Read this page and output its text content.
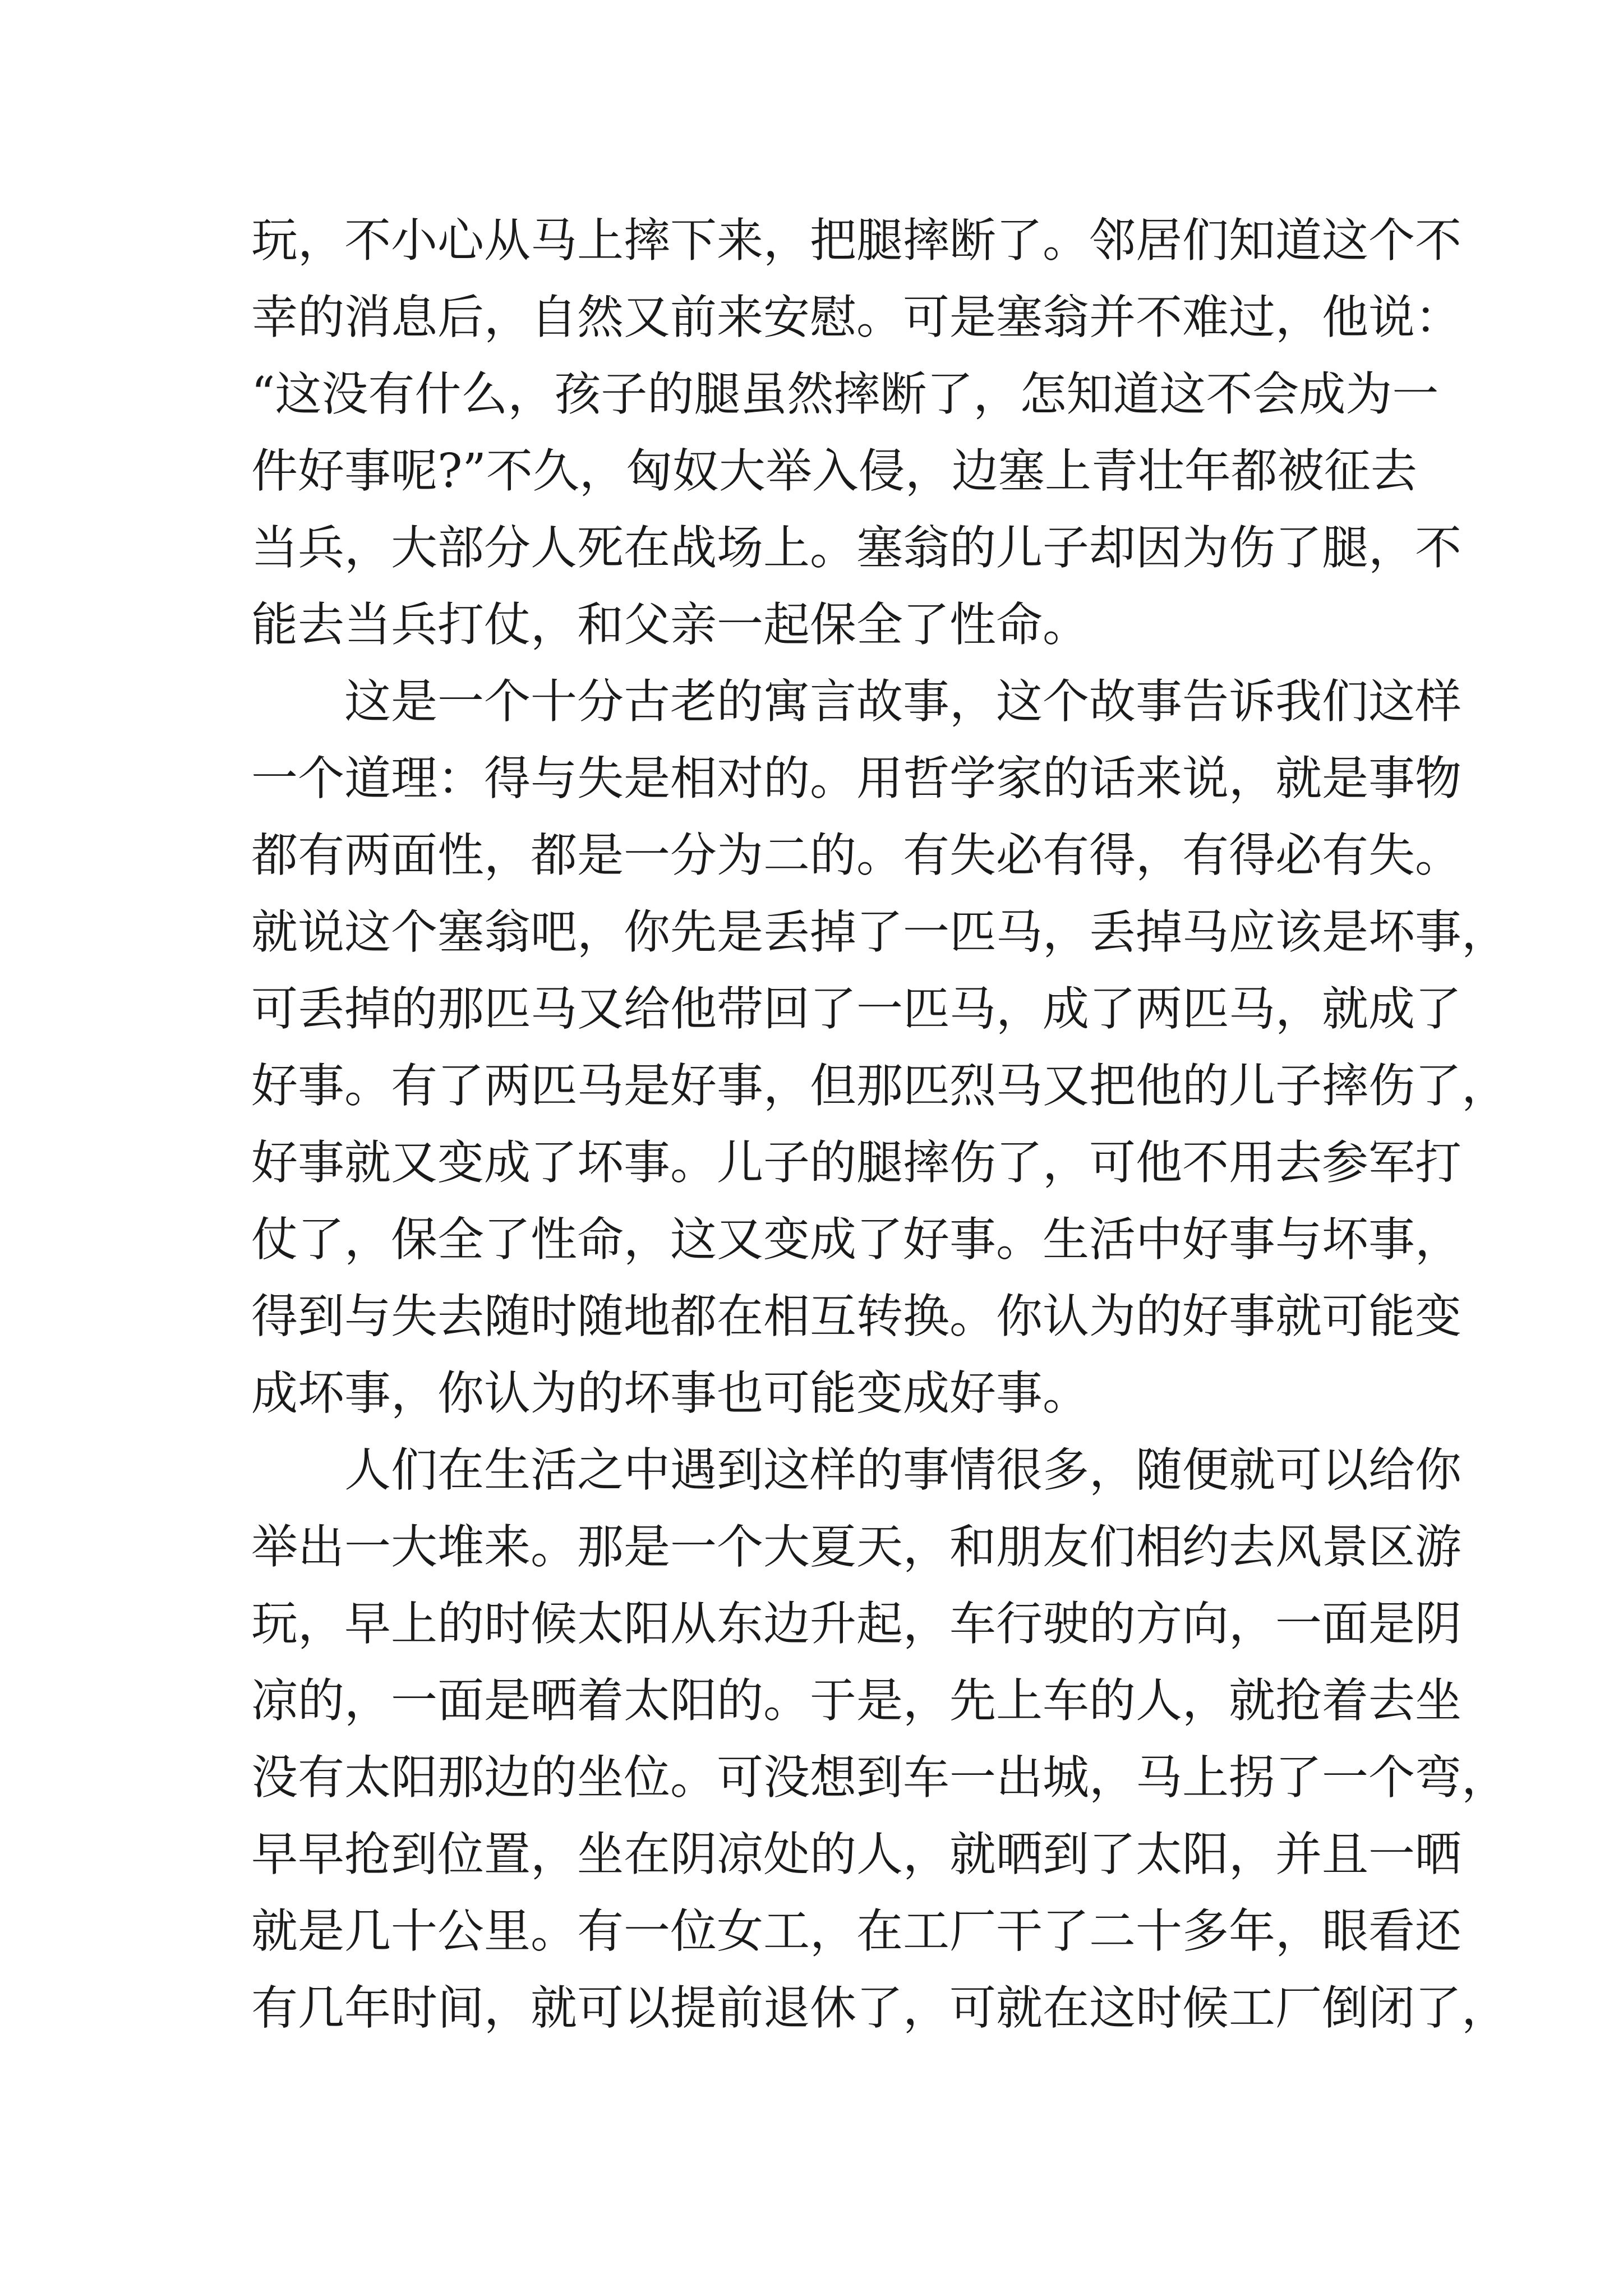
玩，不小心从马上摔下来，把腿摔断了。邻居们知道这个不
幸的消息后，自然又前来安慰。可是塞翁并不难过，他说：
“这没有什么，孩子的腿虽然摔断了，怎知道这不会成为一
件好事呢?”不久，匈奴大举入侵，边塞上青壮年都被征去
当兵，大部分人死在战场上。塞翁的儿子却因为伤了腿，不
能去当兵打仗，和父亲一起保全了性命。
　　这是一个十分古老的寓言故事，这个故事告诉我们这样
一个道理：得与失是相对的。用哲学家的话来说，就是事物
都有两面性，都是一分为二的。有失必有得，有得必有失。
就说这个塞翁吧，你先是丢掉了一匹马，丢掉马应该是坏事，
可丢掉的那匹马又给他带回了一匹马，成了两匹马，就成了
好事。有了两匹马是好事，但那匹烈马又把他的儿子摔伤了，
好事就又变成了坏事。儿子的腿摔伤了，可他不用去参军打
仗了，保全了性命，这又变成了好事。生活中好事与坏事，
得到与失去随时随地都在相互转换。你认为的好事就可能变
成坏事，你认为的坏事也可能变成好事。
　　人们在生活之中遇到这样的事情很多，随便就可以给你
举出一大堆来。那是一个大夏天，和朋友们相约去风景区游
玩，早上的时候太阳从东边升起，车行驶的方向，一面是阴
凉的，一面是晒着太阳的。于是，先上车的人，就抢着去坐
没有太阳那边的坐位。可没想到车一出城，马上拐了一个弯，
早早抢到位置，坐在阴凉处的人，就晒到了太阳，并且一晒
就是几十公里。有一位女工，在工厂干了二十多年，眼看还
有几年时间，就可以提前退休了，可就在这时候工厂倒闭了，
